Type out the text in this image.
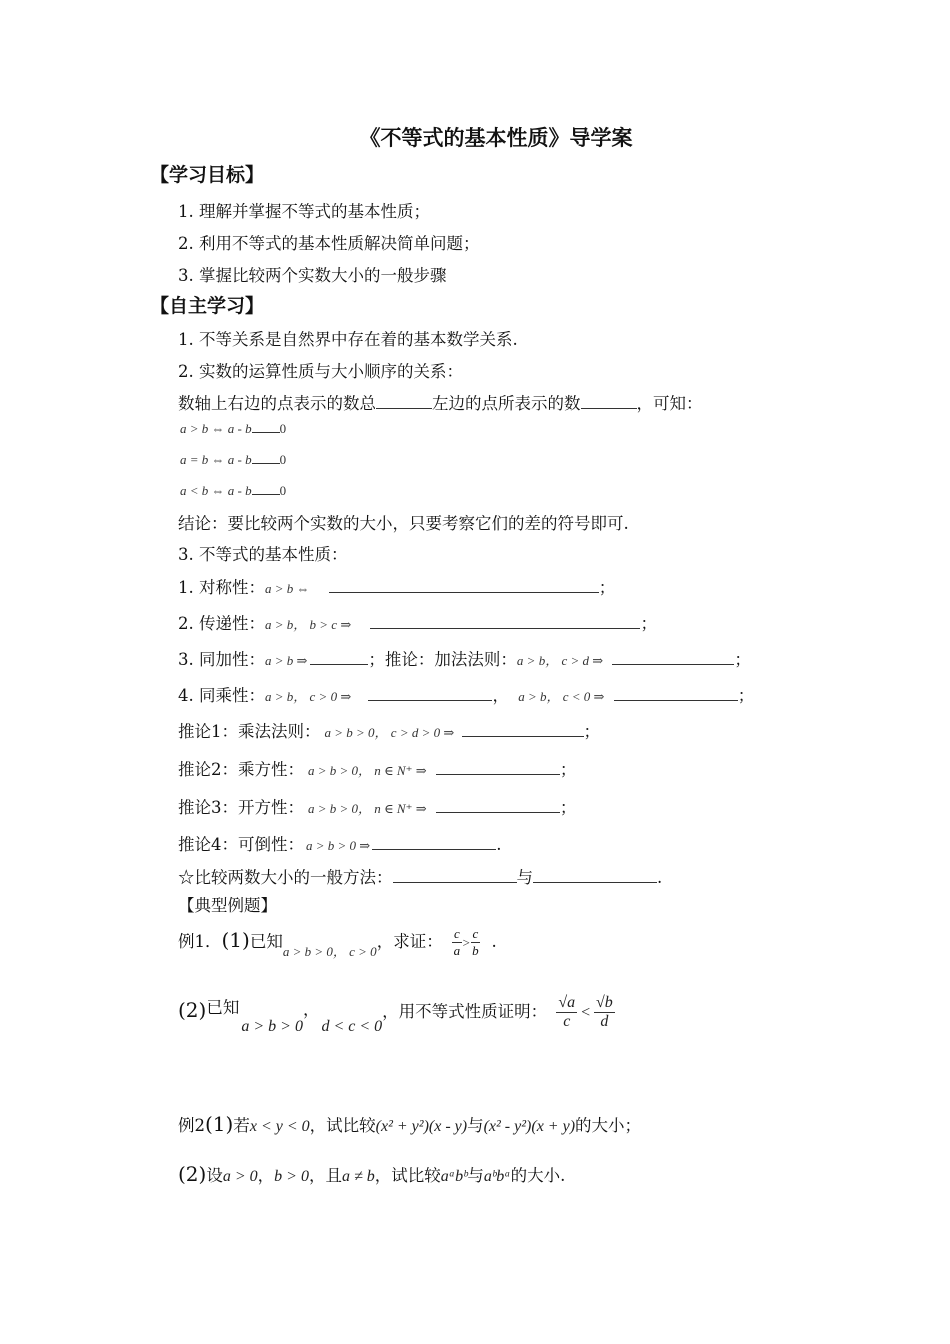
《不等式的基本性质》导学案
【学习目标】
1. 理解并掌握不等式的基本性质；
2. 利用不等式的基本性质解决简单问题；
3. 掌握比较两个实数大小的一般步骤
【自主学习】
1. 不等关系是自然界中存在着的基本数学关系.
2. 实数的运算性质与大小顺序的关系：
数轴上右边的点表示的数总	左边的点所表示的数	，可知：
a > b ⇔ a - b 0
a = b ⇔ a - b 0
a < b ⇔ a - b 0
结论：要比较两个实数的大小，只要考察它们的差的符号即可.
3. 不等式的基本性质：
1. 对称性：a > b ⇔	；
2. 传递性：a > b， b > c ⇒	；
3. 同加性：a > b ⇒	；推论：加法法则：a > b， c > d ⇒	；
4. 同乘性：a > b， c > 0 ⇒	， a > b， c < 0 ⇒	；
推论1：乘法法则： a > b > 0， c > d > 0 ⇒	；
推论2：乘方性： a > b > 0， n ∈ N⁺ ⇒	；
推论3：开方性： a > b > 0， n ∈ N⁺ ⇒	；
推论4：可倒性： a > b > 0 ⇒	.
☆比较两数大小的一般方法：	与	.
【典型例题】
例1．(1)已知$_{a > b > 0, c > 0}$，求证： $\frac{c}{a} > \frac{c}{b}$ .
(2)已知a > b > 0，d < c < 0，用不等式性质证明： $\frac{√a}{c} < \frac{√b}{d}$
例2(1)若x < y < 0，试比较(x² + y²)(x - y)与(x² - y²)(x + y)的大小；
(2)设a > 0，b > 0，且a ≠ b，试比较aᵃbᵇ与aᵇbᵃ的大小.
